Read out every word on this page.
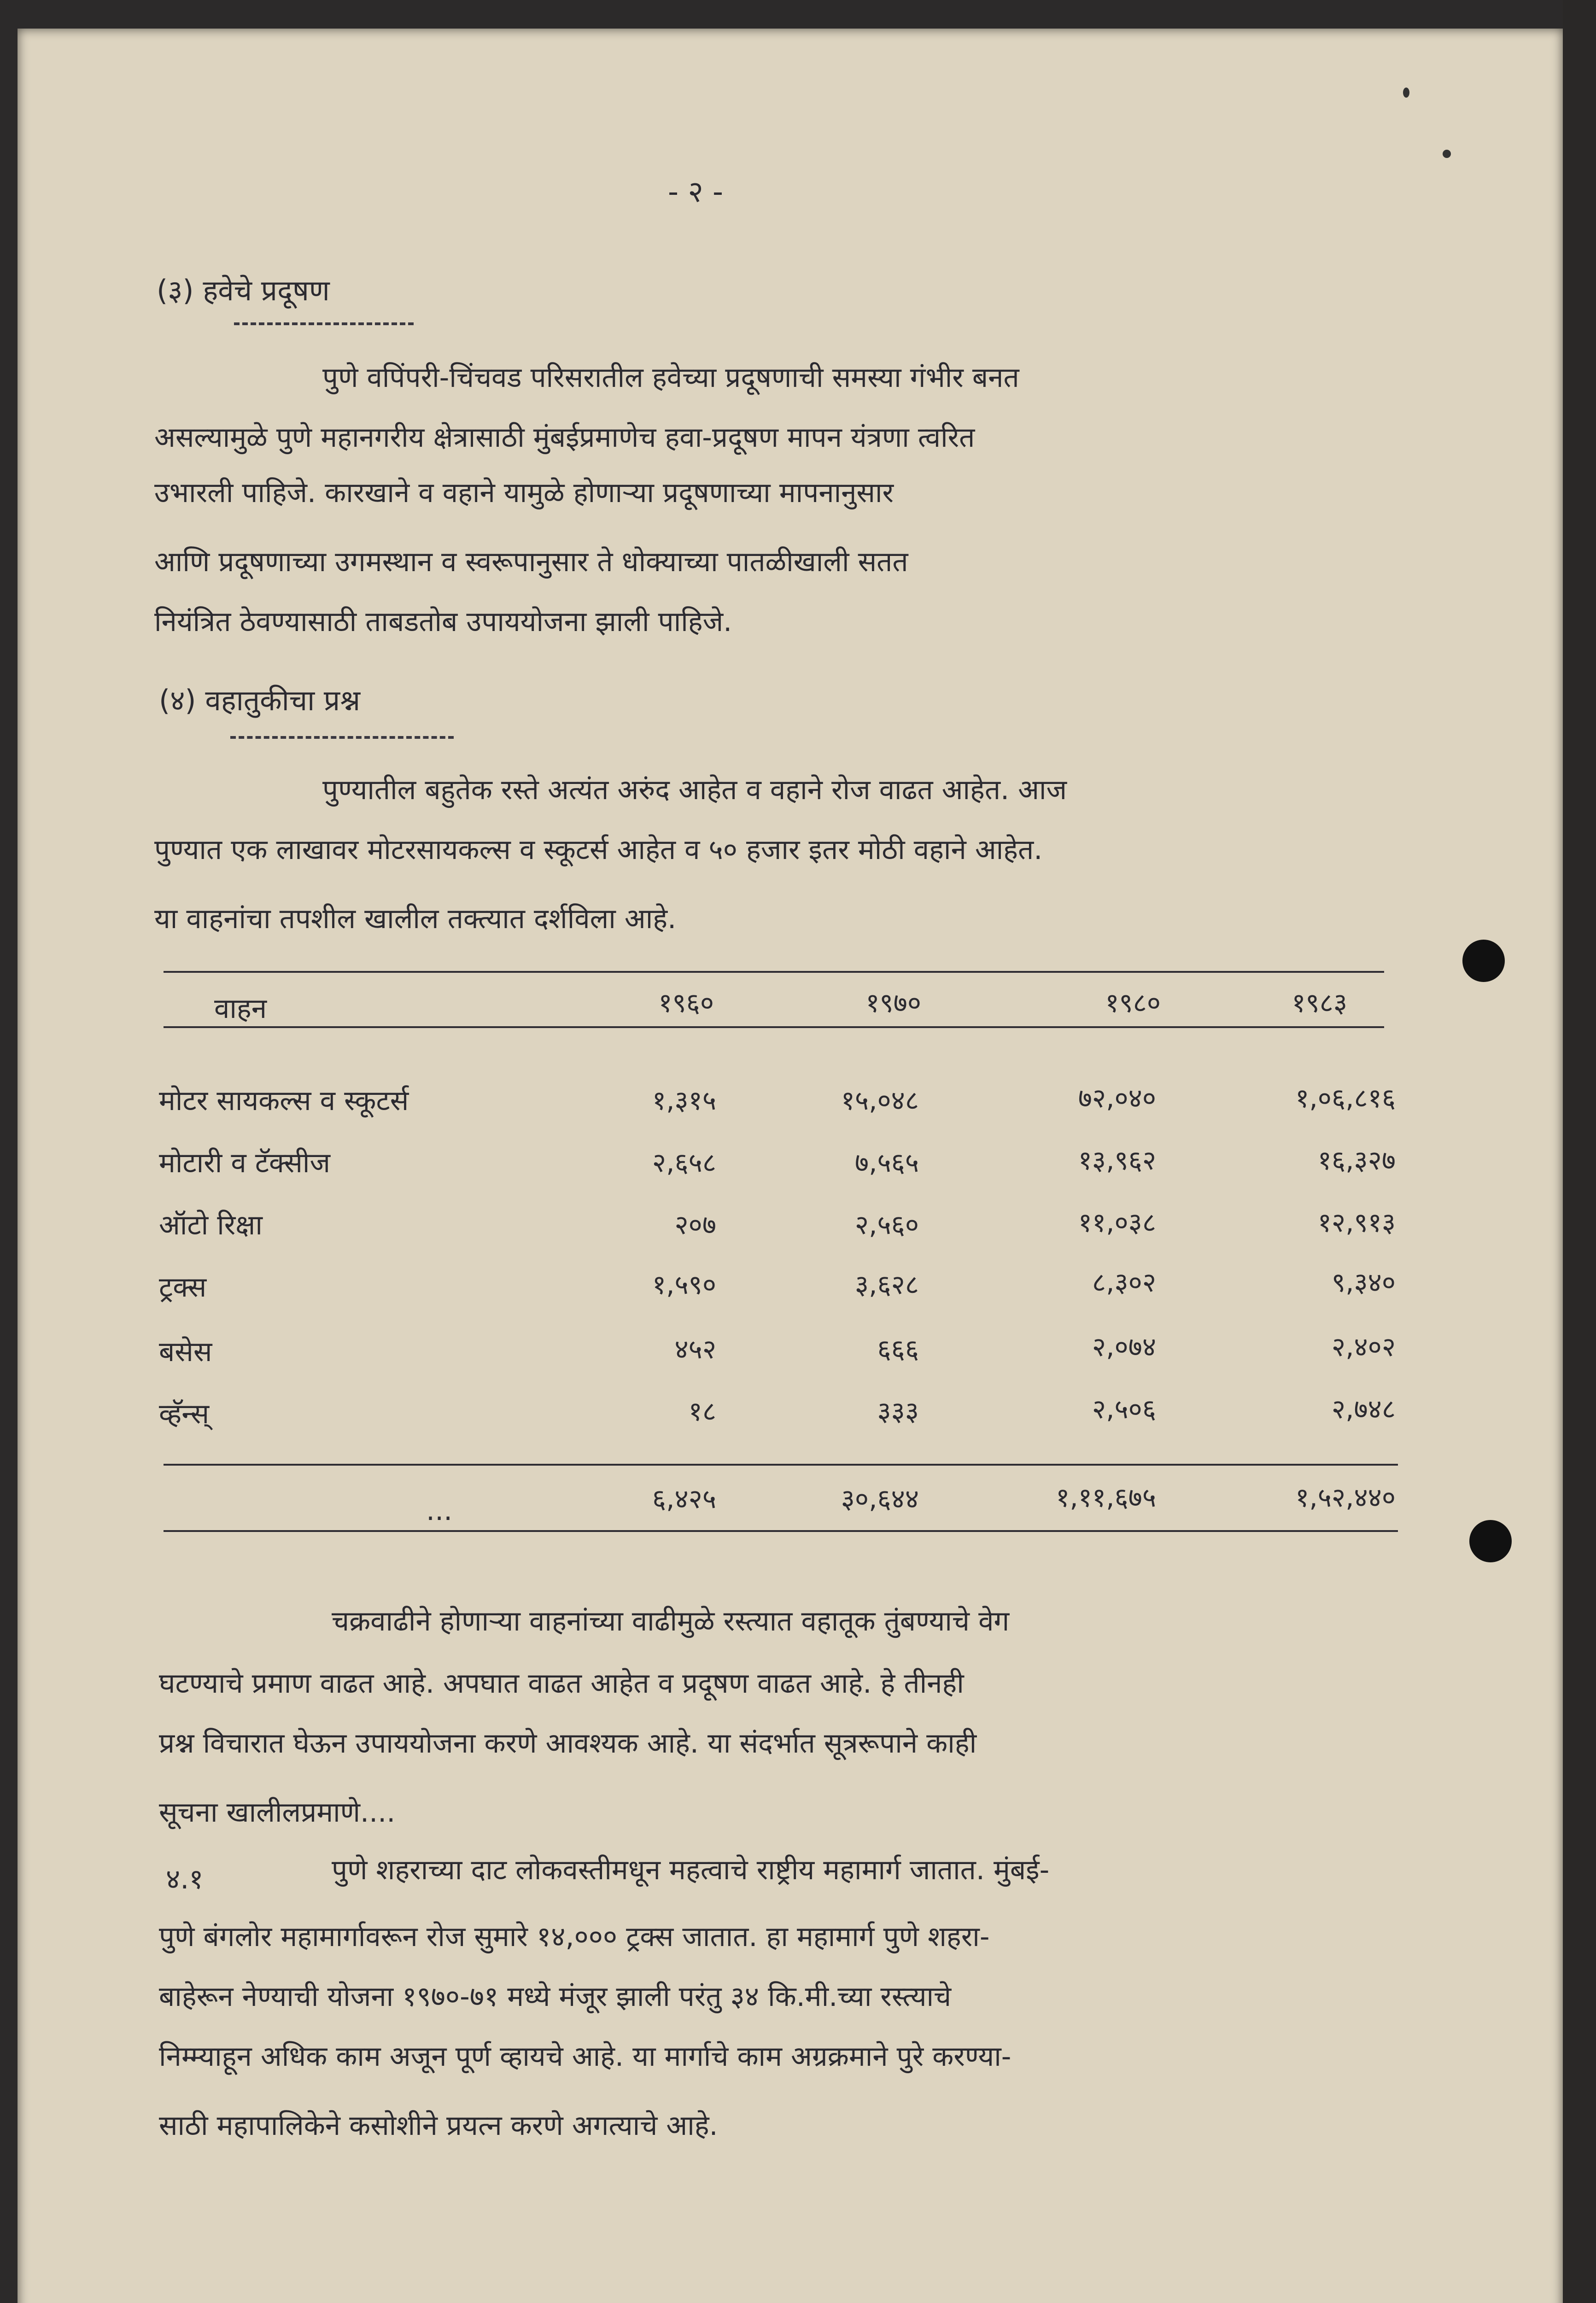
- २ -
(३) हवेचे प्रदूषण
पुणे वपिंपरी-चिंचवड परिसरातील हवेच्या प्रदूषणाची समस्या गंभीर बनत
असल्यामुळे पुणे महानगरीय क्षेत्रासाठी मुंबईप्रमाणेच हवा-प्रदूषण मापन यंत्रणा त्वरित
उभारली पाहिजे. कारखाने व वहाने यामुळे होणाऱ्या प्रदूषणाच्या मापनानुसार
आणि प्रदूषणाच्या उगमस्थान व स्वरूपानुसार ते धोक्याच्या पातळीखाली सतत
नियंत्रित ठेवण्यासाठी ताबडतोब उपाययोजना झाली पाहिजे.
(४) वहातुकीचा प्रश्न
पुण्यातील बहुतेक रस्ते अत्यंत अरुंद आहेत व वहाने रोज वाढत आहेत. आज
पुण्यात एक लाखावर मोटरसायकल्स व स्कूटर्स आहेत व ५० हजार इतर मोठी वहाने आहेत.
या वाहनांचा तपशील खालील तक्त्यात दर्शविला आहे.
वाहन	१९६०	१९७०	१९८०	१९८३
मोटर सायकल्स व स्कूटर्स	१,३१५	१५,०४८	७२,०४०	१,०६,८१६
मोटारी व टॅक्सीज	२,६५८	७,५६५	१३,९६२	१६,३२७
ऑटो रिक्षा	२०७	२,५६०	११,०३८	१२,९१३
ट्रक्स	१,५९०	३,६२८	८,३०२	९,३४०
बसेस	४५२	६६६	२,०७४	२,४०२
व्हॅन्स्	१८	३३३	२,५०६	२,७४८
...	६,४२५	३०,६४४	१,११,६७५	१,५२,४४०
चक्रवाढीने होणाऱ्या वाहनांच्या वाढीमुळे रस्त्यात वहातूक तुंबण्याचे वेग
घटण्याचे प्रमाण वाढत आहे. अपघात वाढत आहेत व प्रदूषण वाढत आहे. हे तीनही
प्रश्न विचारात घेऊन उपाययोजना करणे आवश्यक आहे. या संदर्भात सूत्ररूपाने काही
सूचना खालीलप्रमाणे....
४.१	पुणे शहराच्या दाट लोकवस्तीमधून महत्वाचे राष्ट्रीय महामार्ग जातात. मुंबई-
पुणे बंगलोर महामार्गावरून रोज सुमारे १४,००० ट्रक्स जातात. हा महामार्ग पुणे शहरा-
बाहेरून नेण्याची योजना १९७०-७१ मध्ये मंजूर झाली परंतु ३४ कि.मी.च्या रस्त्याचे
निम्म्याहून अधिक काम अजून पूर्ण व्हायचे आहे. या मार्गाचे काम अग्रक्रमाने पुरे करण्या-
साठी महापालिकेने कसोशीने प्रयत्न करणे अगत्याचे आहे.
